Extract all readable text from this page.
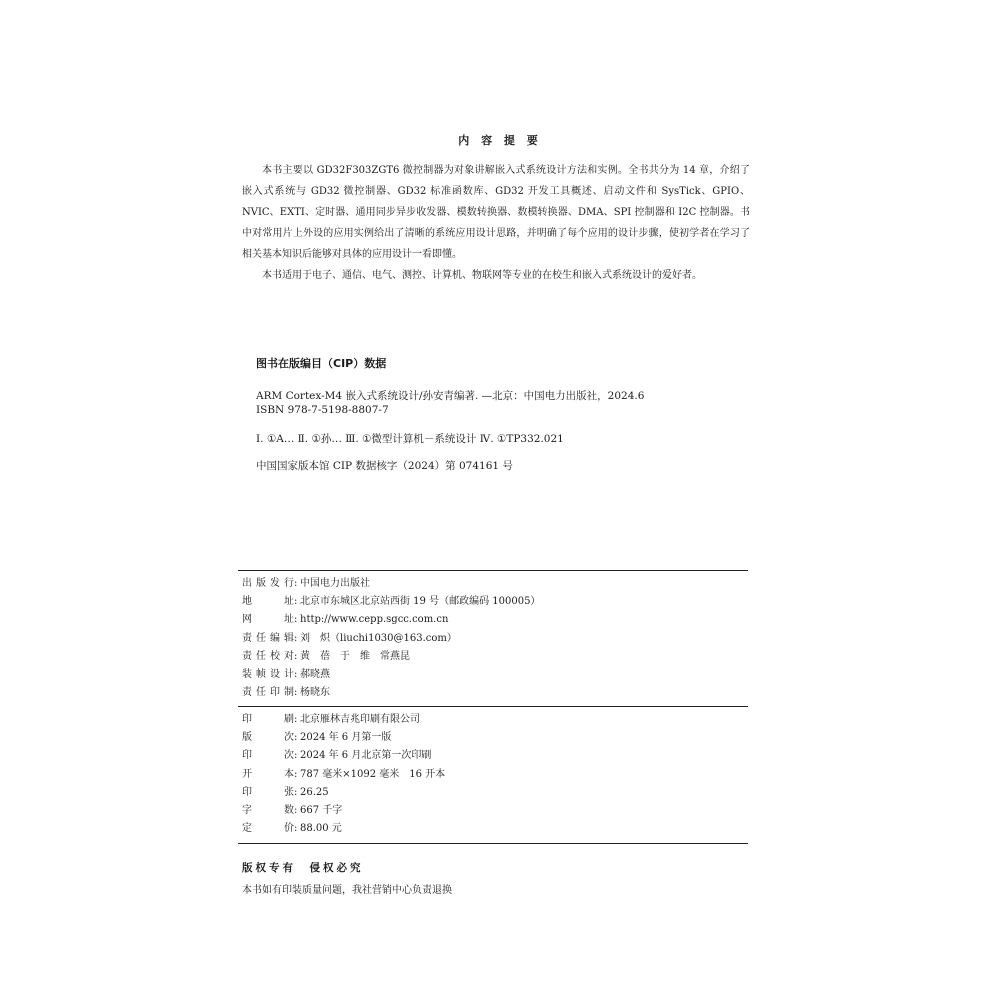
内 容 提 要

本书主要以 GD32F303ZGT6 微控制器为对象讲解嵌入式系统设计方法和实例。全书共分为 14 章，介绍了嵌入式系统与 GD32 微控制器、GD32 标准函数库、GD32 开发工具概述、启动文件和 SysTick、GPIO、NVIC、EXTI、定时器、通用同步异步收发器、模数转换器、数模转换器、DMA、SPI 控制器和 I2C 控制器。书中对常用片上外设的应用实例给出了清晰的系统应用设计思路，并明确了每个应用的设计步骤，使初学者在学习了相关基本知识后能够对具体的应用设计一看即懂。

本书适用于电子、通信、电气、测控、计算机、物联网等专业的在校生和嵌入式系统设计的爱好者。

图书在版编目（CIP）数据
ARM Cortex-M4 嵌入式系统设计/孙安青编著. —北京：中国电力出版社，2024.6
ISBN 978-7-5198-8807-7
Ⅰ. ①A… Ⅱ. ①孙… Ⅲ. ①微型计算机－系统设计 Ⅳ. ①TP332.021
中国国家版本馆 CIP 数据核字（2024）第 074161 号
出版发行: 中国电力出版社
地　　址: 北京市东城区北京站西街 19 号（邮政编码 100005）
网　　址: http://www.cepp.sgcc.com.cn
责任编辑: 刘　炽（liuchi1030@163.com）
责任校对: 黄　蓓　于　维　常燕昆
装帧设计: 郝晓燕
责任印制: 杨晓东
印　　刷: 北京雁林吉兆印刷有限公司
版　　次: 2024 年 6 月第一版
印　　次: 2024 年 6 月北京第一次印刷
开　　本: 787 毫米×1092 毫米　16 开本
印　　张: 26.25
字　　数: 667 千字
定　　价: 88.00 元
版权专有　侵权必究
本书如有印装质量问题，我社营销中心负责退换
